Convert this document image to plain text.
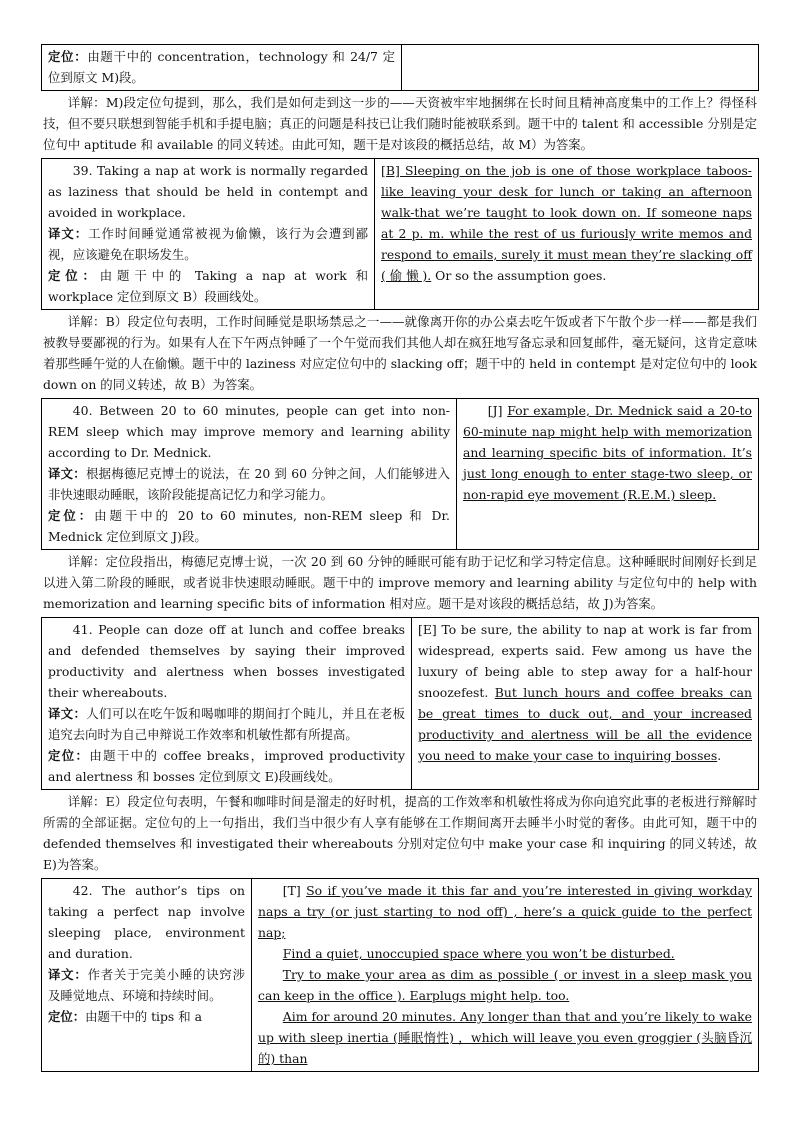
定位：由题干中的 concentration，technology 和 24/7 定位到原文 M)段。	

详解：M)段定位句提到，那么，我们是如何走到这一步的——天资被牢牢地捆绑在长时间且精神高度集中的工作上？得怪科技，但不要只联想到智能手机和手提电脑；真正的问题是科技已让我们随时能被联系到。题干中的 talent 和 accessible 分别是定位句中 aptitude 和 available 的同义转述。由此可知，题干是对该段的概括总结，故 M）为答案。

39. Taking a nap at work is normally regarded as laziness that should be held in contempt and avoided in workplace.
译文：工作时间睡觉通常被视为偷懒，该行为会遭到鄙视，应该避免在职场发生。
定位：由题干中的 Taking a nap at work 和 workplace 定位到原文 B）段画线处。
	[B] Sleeping on the job is one of those workplace taboos-like leaving your desk for lunch or taking an afternoon walk-that we’re taught to look down on. If someone naps at 2 p. m. while the rest of us furiously write memos and respond to emails, surely it must mean they’re slacking off ( 偷 懒 ). Or so the assumption goes.

详解：B）段定位句表明，工作时间睡觉是职场禁忌之一——就像离开你的办公桌去吃午饭或者下午散个步一样——都是我们被教导要鄙视的行为。如果有人在下午两点钟睡了一个午觉而我们其他人却在疯狂地写备忘录和回复邮件，毫无疑问，这肯定意味着那些睡午觉的人在偷懒。题干中的 laziness 对应定位句中的 slacking off；题干中的 held in contempt 是对定位句中的 look down on 的同义转述，故 B）为答案。

40. Between 20 to 60 minutes, people can get into non-REM sleep which may improve memory and learning ability according to Dr. Mednick.
译文：根据梅德尼克博士的说法，在 20 到 60 分钟之间，人们能够进入非快速眼动睡眠，该阶段能提高记忆力和学习能力。
定位：由题干中的 20 to 60 minutes, non-REM sleep 和 Dr. Mednick 定位到原文 J)段。

[J] For example, Dr. Mednick said a 20-to 60-minute nap might help with memorization and learning specific bits of information. It’s just long enough to enter stage-two sleep, or non-rapid eye movement (R.E.M.) sleep.

详解：定位段指出，梅德尼克博士说，一次 20 到 60 分钟的睡眠可能有助于记忆和学习特定信息。这种睡眠时间刚好长到足以进入第二阶段的睡眠，或者说非快速眼动睡眠。题干中的 improve memory and learning ability 与定位句中的 help with memorization and learning specific bits of information 相对应。题干是对该段的概括总结，故 J)为答案。

41. People can doze off at lunch and coffee breaks and defended themselves by saying their improved productivity and alertness when bosses investigated their whereabouts.
译文：人们可以在吃午饭和喝咖啡的期间打个盹儿，并且在老板追究去向时为自己申辩说工作效率和机敏性都有所提高。
定位：由题干中的 coffee breaks，improved productivity and alertness 和 bosses 定位到原文 E)段画线处。
	[E] To be sure, the ability to nap at work is far from widespread, experts said. Few among us have the luxury of being able to step away for a half-hour snoozefest. But lunch hours and coffee breaks can be great times to duck out, and your increased productivity and alertness will be all the evidence you need to make your case to inquiring bosses.

详解：E）段定位句表明，午餐和咖啡时间是溜走的好时机，提高的工作效率和机敏性将成为你向追究此事的老板进行辩解时所需的全部证据。定位句的上一句指出，我们当中很少有人享有能够在工作期间离开去睡半小时觉的奢侈。由此可知，题干中的 defended themselves 和 investigated their whereabouts 分别对定位句中 make your case 和 inquiring 的同义转述，故 E)为答案。

42. The author’s tips on taking a perfect nap involve sleeping place, environment and duration.
译文：作者关于完美小睡的诀窍涉及睡觉地点、环境和持续时间。
定位：由题干中的 tips 和 a

[T] So if you’ve made it this far and you’re interested in giving workday naps a try (or just starting to nod off) , here’s a quick guide to the perfect nap;
Find a quiet, unoccupied space where you won’t be disturbed.
Try to make your area as dim as possible ( or invest in a sleep mask you can keep in the office ). Earplugs might help. too.
Aim for around 20 minutes. Any longer than that and you’re likely to wake up with sleep inertia (睡眠惰性) ，which will leave you even groggier (头脑昏沉的) than
